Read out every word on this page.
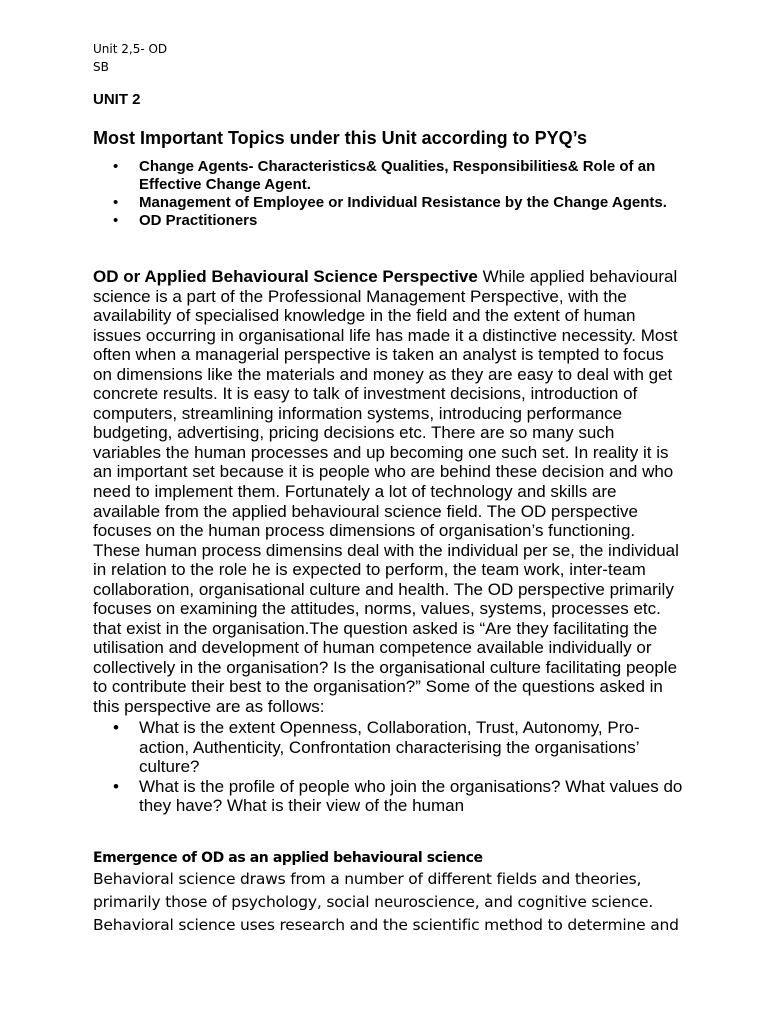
Unit 2,5- OD

SB

UNIT 2
Most Important Topics under this Unit according to PYQ’s
• Change Agents- Characteristics& Qualities, Responsibilities& Role of an Effective Change Agent.
• Management of Employee or Individual Resistance by the Change Agents.
• OD Practitioners

OD or Applied Behavioural Science Perspective While applied behavioural science is a part of the Professional Management Perspective, with the availability of specialised knowledge in the field and the extent of human issues occurring in organisational life has made it a distinctive necessity. Most often when a managerial perspective is taken an analyst is tempted to focus on dimensions like the materials and money as they are easy to deal with get concrete results. It is easy to talk of investment decisions, introduction of computers, streamlining information systems, introducing performance budgeting, advertising, pricing decisions etc. There are so many such variables the human processes and up becoming one such set. In reality it is an important set because it is people who are behind these decision and who need to implement them. Fortunately a lot of technology and skills are available from the applied behavioural science field. The OD perspective focuses on the human process dimensions of organisation’s functioning. These human process dimensins deal with the individual per se, the individual in relation to the role he is expected to perform, the team work, inter-team collaboration, organisational culture and health. The OD perspective primarily focuses on examining the attitudes, norms, values, systems, processes etc. that exist in the organisation.The question asked is “Are they facilitating the utilisation and development of human competence available individually or collectively in the organisation? Is the organisational culture facilitating people to contribute their best to the organisation?” Some of the questions asked in this perspective are as follows:

• What is the extent Openness, Collaboration, Trust, Autonomy, Pro-action, Authenticity, Confrontation characterising the organisations’ culture?
• What is the profile of people who join the organisations? What values do they have? What is their view of the human
Emergence of OD as an applied behavioural science

Behavioral science draws from a number of different fields and theories, primarily those of psychology, social neuroscience, and cognitive science. Behavioral science uses research and the scientific method to determine and
